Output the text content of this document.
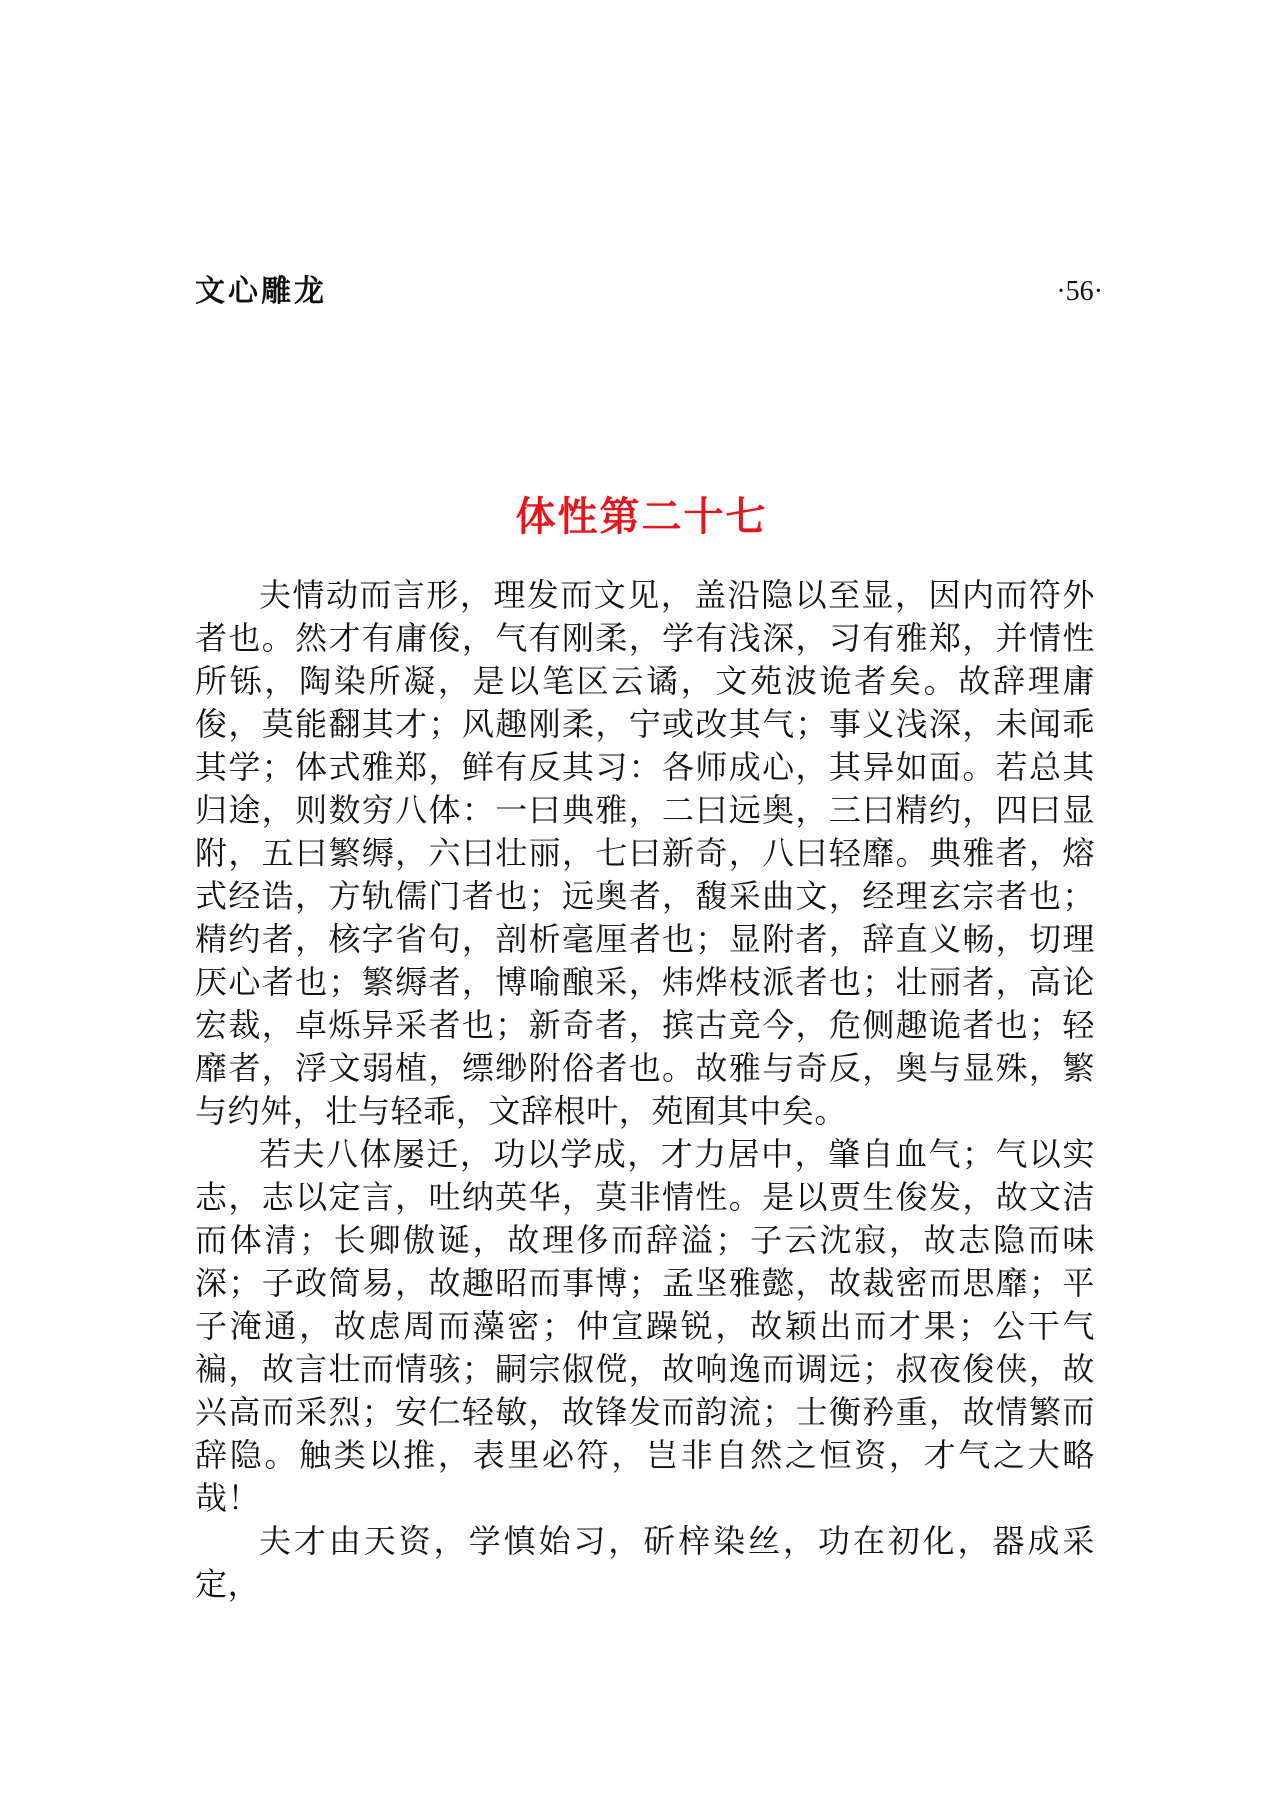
文心雕龙	·56·
体性第二十七

夫情动而言形，理发而文见，盖沿隐以至显，因内而符外者也。然才有庸俊，气有刚柔，学有浅深，习有雅郑，并情性所铄，陶染所凝，是以笔区云谲，文苑波诡者矣。故辞理庸俊，莫能翻其才；风趣刚柔，宁或改其气；事义浅深，未闻乖其学；体式雅郑，鲜有反其习：各师成心，其异如面。若总其归途，则数穷八体：一曰典雅，二曰远奥，三曰精约，四曰显附，五曰繁缛，六曰壮丽，七曰新奇，八曰轻靡。典雅者，熔式经诰，方轨儒门者也；远奥者，馥采曲文，经理玄宗者也；精约者，核字省句，剖析毫厘者也；显附者，辞直义畅，切理厌心者也；繁缛者，博喻酿采，炜烨枝派者也；壮丽者，高论宏裁，卓烁异采者也；新奇者，摈古竞今，危侧趣诡者也；轻靡者，浮文弱植，缥缈附俗者也。故雅与奇反，奥与显殊，繁与约舛，壮与轻乖，文辞根叶，苑囿其中矣。

若夫八体屡迁，功以学成，才力居中，肇自血气；气以实志，志以定言，吐纳英华，莫非情性。是以贾生俊发，故文洁而体清；长卿傲诞，故理侈而辞溢；子云沈寂，故志隐而味深；子政简易，故趣昭而事博；孟坚雅懿，故裁密而思靡；平子淹通，故虑周而藻密；仲宣躁锐，故颖出而才果；公干气褊，故言壮而情骇；嗣宗俶傥，故响逸而调远；叔夜俊侠，故兴高而采烈；安仁轻敏，故锋发而韵流；士衡矜重，故情繁而辞隐。触类以推，表里必符，岂非自然之恒资，才气之大略哉！

夫才由天资，学慎始习，斫梓染丝，功在初化，器成采定，
